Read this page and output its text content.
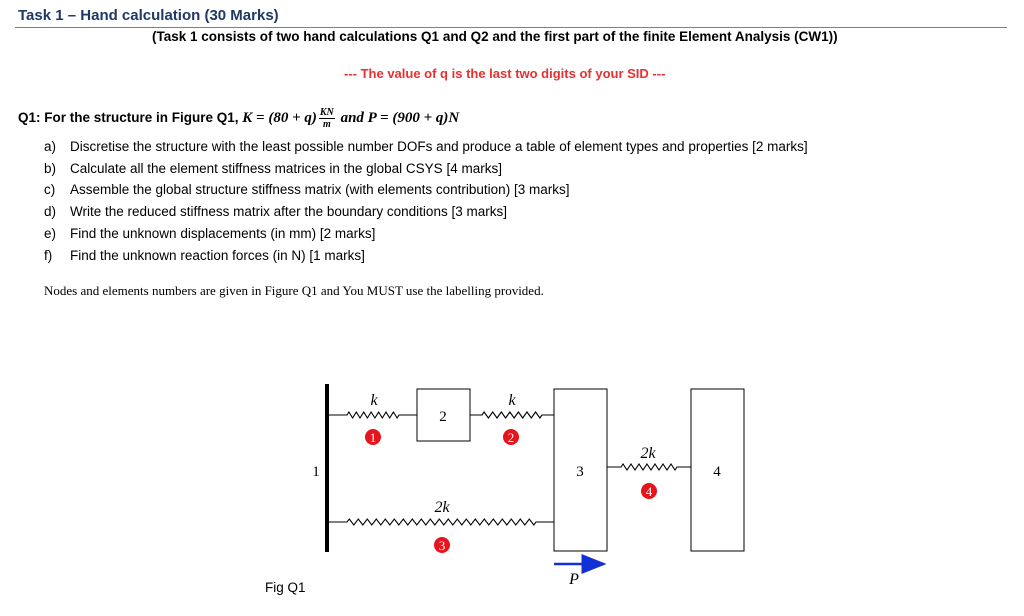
Task 1 – Hand calculation (30 Marks)
(Task 1 consists of two hand calculations Q1 and Q2 and the first part of the finite Element Analysis (CW1))
--- The value of q is the last two digits of your SID ---
Q1: For the structure in Figure Q1, $K = (80 + q) \frac{KN}{m}$ and P = (900 + q)N
a) Discretise the structure with the least possible number DOFs and produce a table of element types and properties [2 marks]
b) Calculate all the element stiffness matrices in the global CSYS [4 marks]
c) Assemble the global structure stiffness matrix (with elements contribution) [3 marks]
d) Write the reduced stiffness matrix after the boundary conditions [3 marks]
e) Find the unknown displacements (in mm) [2 marks]
f) Find the unknown reaction forces (in N) [1 marks]
Nodes and elements numbers are given in Figure Q1 and You MUST use the labelling provided.
1
2
3	4
k	k
2k
2k
1	2
3
4
P
Fig Q1
